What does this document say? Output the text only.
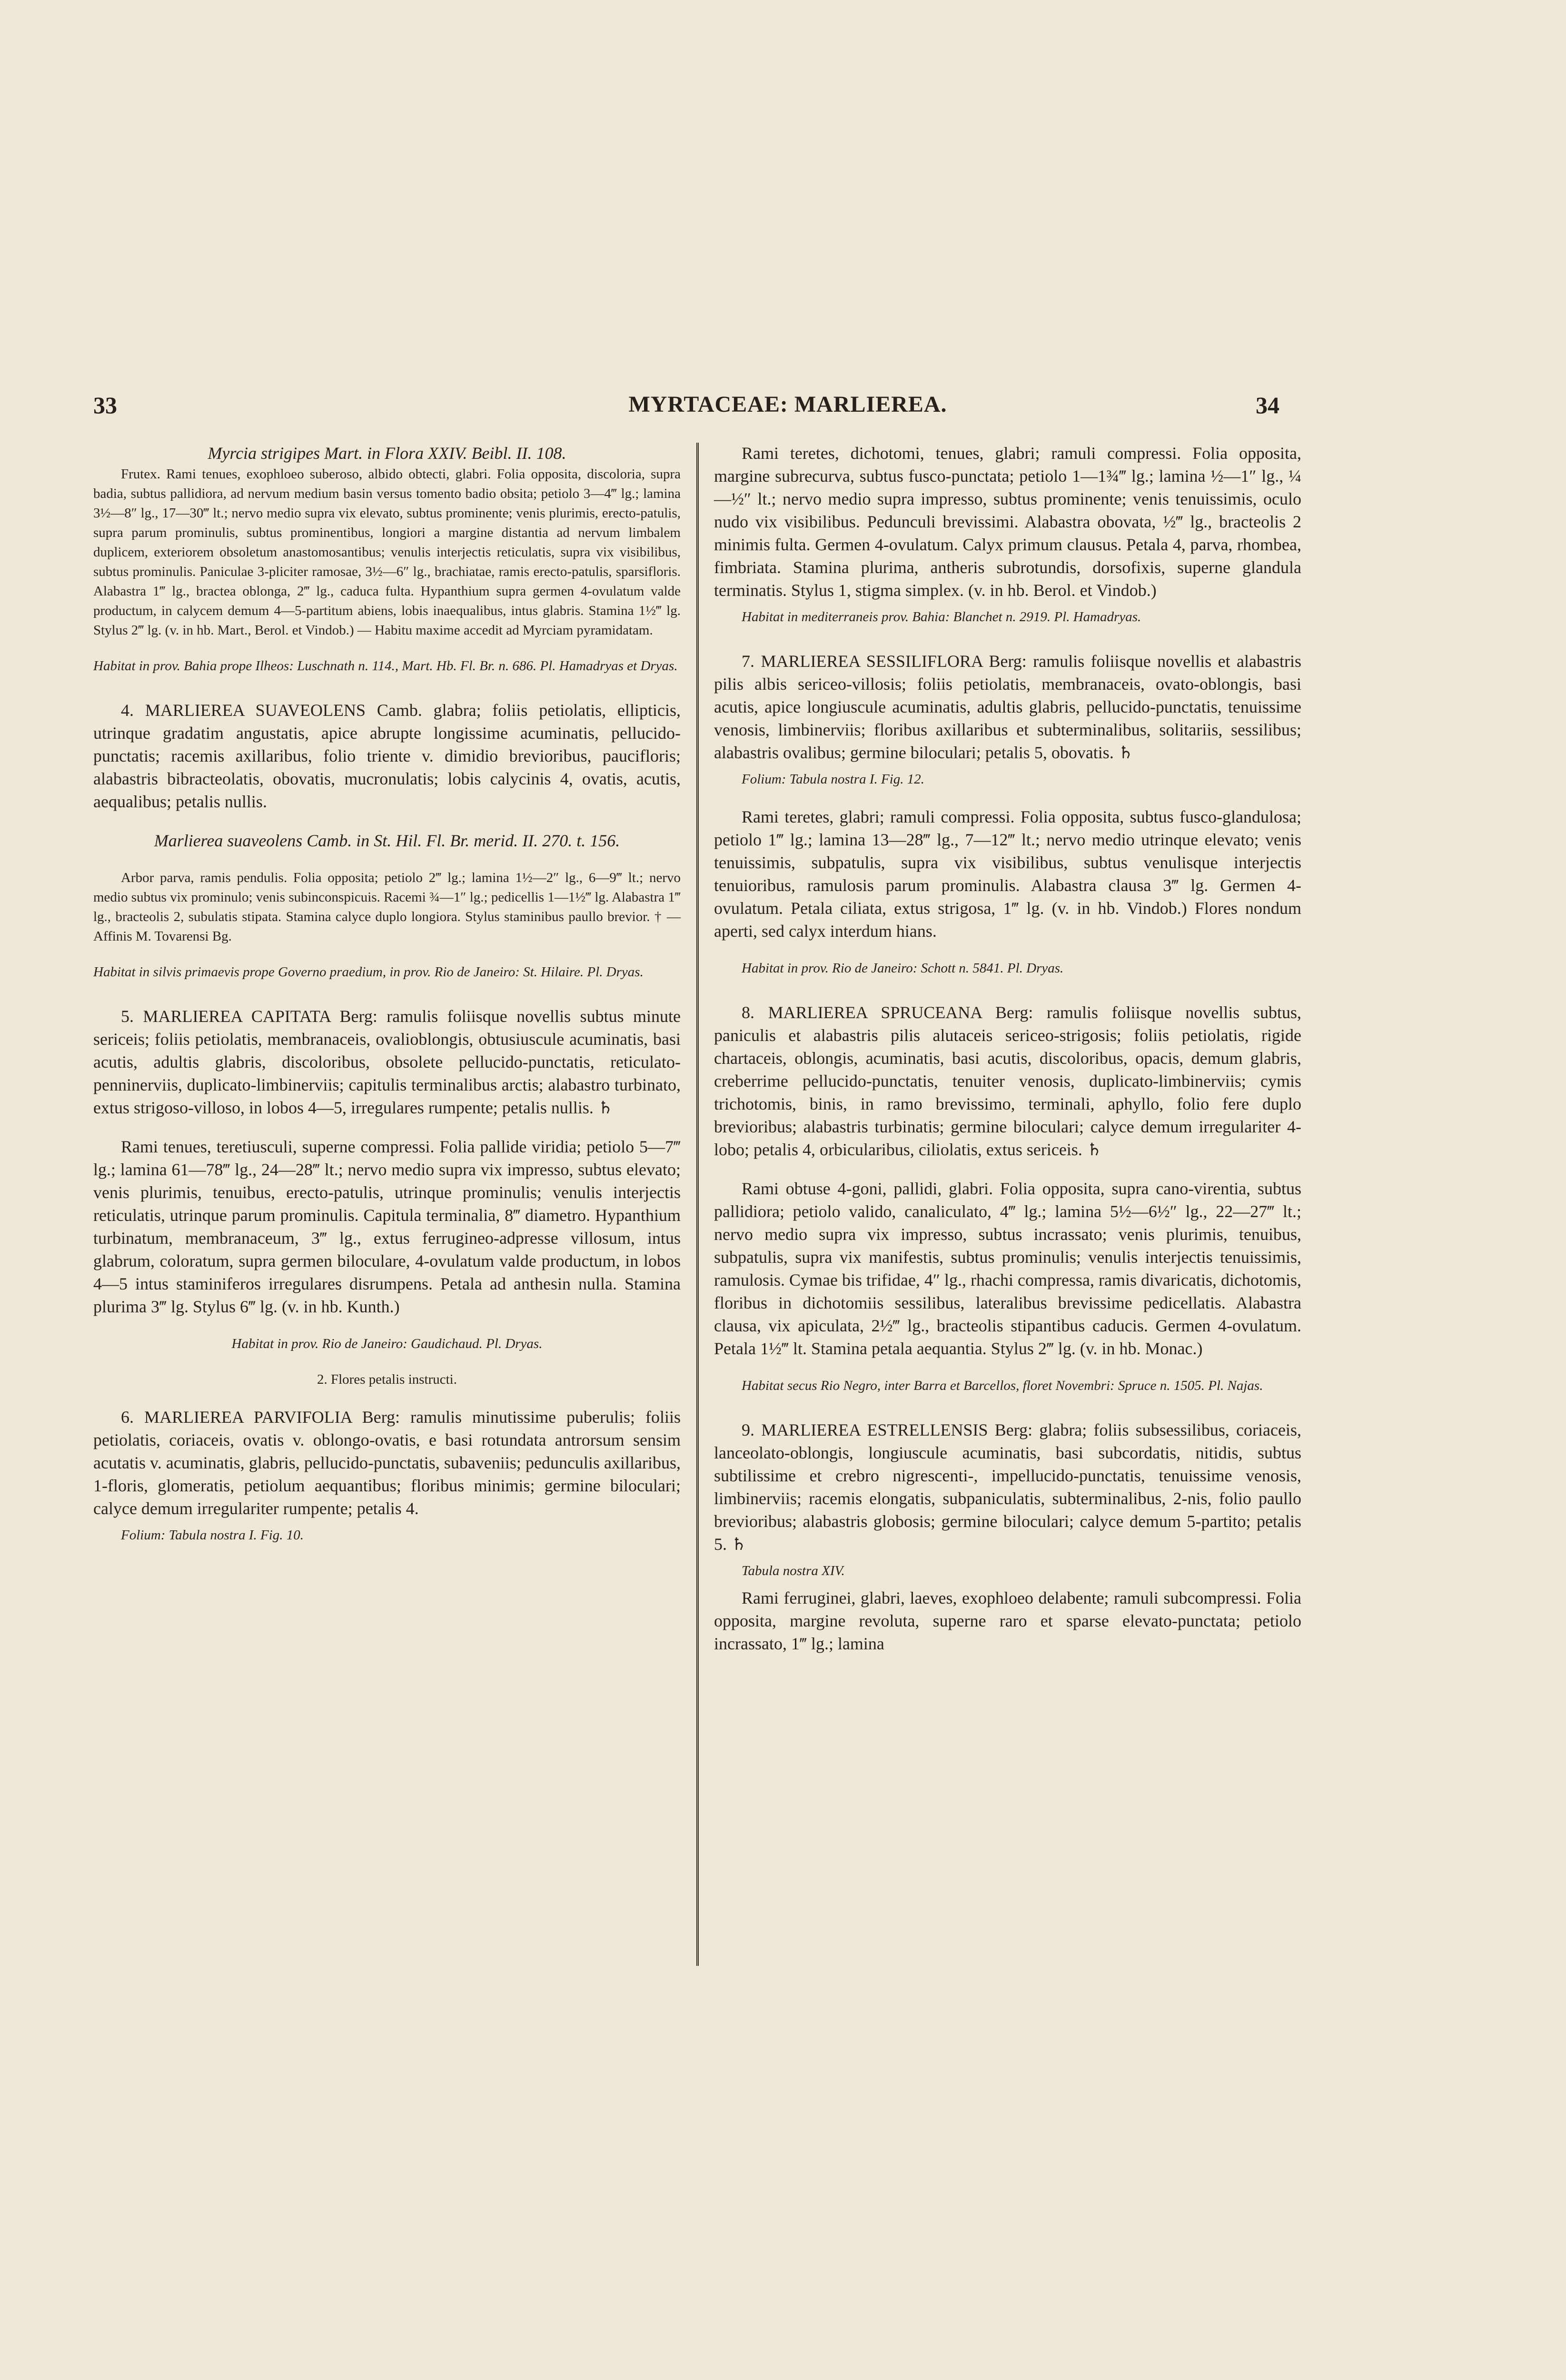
33	MYRTACEAE: MARLIEREA.	34

Myrcia strigipes Mart. in Flora XXIV. Beibl. II. 108.

Frutex. Rami tenues, exophloeo suberoso, albido obtecti, glabri. Folia opposita, discoloria, supra badia, subtus pallidiora, ad nervum medium basin versus tomento badio obsita; petiolo 3—4‴ lg.; lamina 3½—8″ lg., 17—30‴ lt.; nervo medio supra vix elevato, subtus prominente; venis plurimis, erecto-patulis, supra parum prominulis, subtus prominentibus, longiori a margine distantia ad nervum limbalem duplicem, exteriorem obsoletum anastomosantibus; venulis interjectis reticulatis, supra vix visibilibus, subtus prominulis. Paniculae 3-pliciter ramosae, 3½—6″ lg., brachiatae, ramis erecto-patulis, sparsifloris. Alabastra 1‴ lg., bractea oblonga, 2‴ lg., caduca fulta. Hypanthium supra germen 4-ovulatum valde productum, in calycem demum 4—5-partitum abiens, lobis inaequalibus, intus glabris. Stamina 1½‴ lg. Stylus 2‴ lg. (v. in hb. Mart., Berol. et Vindob.) — Habitu maxime accedit ad Myrciam pyramidatam.

Habitat in prov. Bahia prope Ilheos: Luschnath n. 114., Mart. Hb. Fl. Br. n. 686. Pl. Hamadryas et Dryas.

4. MARLIEREA SUAVEOLENS Camb. glabra; foliis petiolatis, ellipticis, utrinque gradatim angustatis, apice abrupte longissime acuminatis, pellucido-punctatis; racemis axillaribus, folio triente v. dimidio brevioribus, paucifloris; alabastris bibracteolatis, obovatis, mucronulatis; lobis calycinis 4, ovatis, acutis, aequalibus; petalis nullis.

Marlierea suaveolens Camb. in St. Hil. Fl. Br. merid. II. 270. t. 156.

Arbor parva, ramis pendulis. Folia opposita; petiolo 2‴ lg.; lamina 1½—2″ lg., 6—9‴ lt.; nervo medio subtus vix prominulo; venis subinconspicuis. Racemi ¾—1″ lg.; pedicellis 1—1½‴ lg. Alabastra 1‴ lg., bracteolis 2, subulatis stipata. Stamina calyce duplo longiora. Stylus staminibus paullo brevior. † — Affinis M. Tovarensi Bg.

Habitat in silvis primaevis prope Governo praedium, in prov. Rio de Janeiro: St. Hilaire. Pl. Dryas.

5. MARLIEREA CAPITATA Berg: ramulis foliisque novellis subtus minute sericeis; foliis petiolatis, membranaceis, ovalioblongis, obtusiuscule acuminatis, basi acutis, adultis glabris, discoloribus, obsolete pellucido-punctatis, reticulato-penninerviis, duplicato-limbinerviis; capitulis terminalibus arctis; alabastro turbinato, extus strigoso-villoso, in lobos 4—5, irregulares rumpente; petalis nullis. ♄

Rami tenues, teretiusculi, superne compressi. Folia pallide viridia; petiolo 5—7‴ lg.; lamina 61—78‴ lg., 24—28‴ lt.; nervo medio supra vix impresso, subtus elevato; venis plurimis, tenuibus, erecto-patulis, utrinque prominulis; venulis interjectis reticulatis, utrinque parum prominulis. Capitula terminalia, 8‴ diametro. Hypanthium turbinatum, membranaceum, 3‴ lg., extus ferrugineo-adpresse villosum, intus glabrum, coloratum, supra germen biloculare, 4-ovulatum valde productum, in lobos 4—5 intus staminiferos irregulares disrumpens. Petala ad anthesin nulla. Stamina plurima 3‴ lg. Stylus 6‴ lg. (v. in hb. Kunth.)

Habitat in prov. Rio de Janeiro: Gaudichaud. Pl. Dryas.

2. Flores petalis instructi.

6. MARLIEREA PARVIFOLIA Berg: ramulis minutissime puberulis; foliis petiolatis, coriaceis, ovatis v. oblongo-ovatis, e basi rotundata antrorsum sensim acutatis v. acuminatis, glabris, pellucido-punctatis, subaveniis; pedunculis axillaribus, 1-floris, glomeratis, petiolum aequantibus; floribus minimis; germine biloculari; calyce demum irregulariter rumpente; petalis 4.

Folium: Tabula nostra I. Fig. 10.

Rami teretes, dichotomi, tenues, glabri; ramuli compressi. Folia opposita, margine subrecurva, subtus fusco-punctata; petiolo 1—1¾‴ lg.; lamina ½—1″ lg., ¼—½″ lt.; nervo medio supra impresso, subtus prominente; venis tenuissimis, oculo nudo vix visibilibus. Pedunculi brevissimi. Alabastra obovata, ½‴ lg., bracteolis 2 minimis fulta. Germen 4-ovulatum. Calyx primum clausus. Petala 4, parva, rhombea, fimbriata. Stamina plurima, antheris subrotundis, dorsofixis, superne glandula terminatis. Stylus 1, stigma simplex. (v. in hb. Berol. et Vindob.)

Habitat in mediterraneis prov. Bahia: Blanchet n. 2919. Pl. Hamadryas.

7. MARLIEREA SESSILIFLORA Berg: ramulis foliisque novellis et alabastris pilis albis sericeo-villosis; foliis petiolatis, membranaceis, ovato-oblongis, basi acutis, apice longiuscule acuminatis, adultis glabris, pellucido-punctatis, tenuissime venosis, limbinerviis; floribus axillaribus et subterminalibus, solitariis, sessilibus; alabastris ovalibus; germine biloculari; petalis 5, obovatis. ♄

Folium: Tabula nostra I. Fig. 12.

Rami teretes, glabri; ramuli compressi. Folia opposita, subtus fusco-glandulosa; petiolo 1‴ lg.; lamina 13—28‴ lg., 7—12‴ lt.; nervo medio utrinque elevato; venis tenuissimis, subpatulis, supra vix visibilibus, subtus venulisque interjectis tenuioribus, ramulosis parum prominulis. Alabastra clausa 3‴ lg. Germen 4-ovulatum. Petala ciliata, extus strigosa, 1‴ lg. (v. in hb. Vindob.) Flores nondum aperti, sed calyx interdum hians.

Habitat in prov. Rio de Janeiro: Schott n. 5841. Pl. Dryas.

8. MARLIEREA SPRUCEANA Berg: ramulis foliisque novellis subtus, paniculis et alabastris pilis alutaceis sericeo-strigosis; foliis petiolatis, rigide chartaceis, oblongis, acuminatis, basi acutis, discoloribus, opacis, demum glabris, creberrime pellucido-punctatis, tenuiter venosis, duplicato-limbinerviis; cymis trichotomis, binis, in ramo brevissimo, terminali, aphyllo, folio fere duplo brevioribus; alabastris turbinatis; germine biloculari; calyce demum irregulariter 4-lobo; petalis 4, orbicularibus, ciliolatis, extus sericeis. ♄

Rami obtuse 4-goni, pallidi, glabri. Folia opposita, supra cano-virentia, subtus pallidiora; petiolo valido, canaliculato, 4‴ lg.; lamina 5½—6½″ lg., 22—27‴ lt.; nervo medio supra vix impresso, subtus incrassato; venis plurimis, tenuibus, subpatulis, supra vix manifestis, subtus prominulis; venulis interjectis tenuissimis, ramulosis. Cymae bis trifidae, 4″ lg., rhachi compressa, ramis divaricatis, dichotomis, floribus in dichotomiis sessilibus, lateralibus brevissime pedicellatis. Alabastra clausa, vix apiculata, 2½‴ lg., bracteolis stipantibus caducis. Germen 4-ovulatum. Petala 1½‴ lt. Stamina petala aequantia. Stylus 2‴ lg. (v. in hb. Monac.)

Habitat secus Rio Negro, inter Barra et Barcellos, floret Novembri: Spruce n. 1505. Pl. Najas.

9. MARLIEREA ESTRELLENSIS Berg: glabra; foliis subsessilibus, coriaceis, lanceolato-oblongis, longiuscule acuminatis, basi subcordatis, nitidis, subtus subtilissime et crebro nigrescenti-, impellucido-punctatis, tenuissime venosis, limbinerviis; racemis elongatis, subpaniculatis, subterminalibus, 2-nis, folio paullo brevioribus; alabastris globosis; germine biloculari; calyce demum 5-partito; petalis 5. ♄

Tabula nostra XIV.

Rami ferruginei, glabri, laeves, exophloeo delabente; ramuli subcompressi. Folia opposita, margine revoluta, superne raro et sparse elevato-punctata; petiolo incrassato, 1‴ lg.; lamina
